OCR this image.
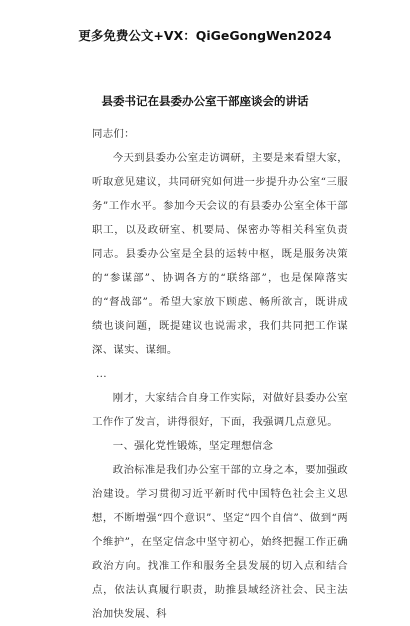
更多免费公文+VX：QiGeGongWen2024
县委书记在县委办公室干部座谈会的讲话

同志们：

今天到县委办公室走访调研，主要是来看望大家，听取意见建议，共同研究如何进一步提升办公室“三服务”工作水平。参加今天会议的有县委办公室全体干部职工，以及政研室、机要局、保密办等相关科室负责同志。县委办公室是全县的运转中枢，既是服务决策的“参谋部”、协调各方的“联络部”，也是保障落实的“督战部”。希望大家放下顾虑、畅所欲言，既讲成绩也谈问题，既提建议也说需求，我们共同把工作谋深、谋实、谋细。

...

刚才，大家结合自身工作实际，对做好县委办公室工作作了发言，讲得很好，下面，我强调几点意见。

一、强化党性锻炼，坚定理想信念

政治标准是我们办公室干部的立身之本，要加强政治建设。学习贯彻习近平新时代中国特色社会主义思想，不断增强“四个意识”、坚定“四个自信”、做到“两个维护”，在坚定信念中坚守初心，始终把握工作正确政治方向。找准工作和服务全县发展的切入点和结合点，依法认真履行职责，助推县域经济社会、民主法治加快发展、科
